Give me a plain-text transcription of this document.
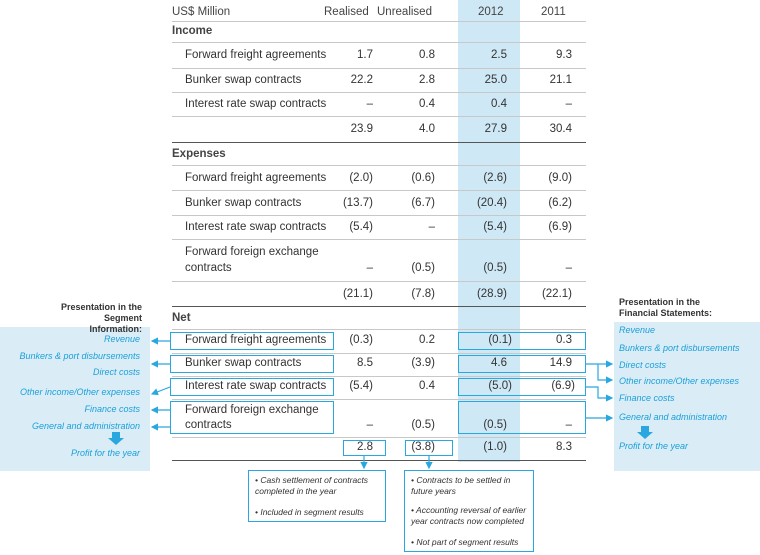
Presentation in the
Segment Information:
Revenue
Bunkers & port disbursements
Direct costs
Other income/Other expenses
Finance costs
General and administration
Profit for the year
Presentation in the
Financial Statements:
Revenue
Bunkers & port disbursements
Direct costs
Other income/Other expenses
Finance costs
General and administration
Profit for the year
US$ Million	Realised Unrealised	2012	2011
Income
Forward freight agreements	1.7	0.8	2.5	9.3
Bunker swap contracts	22.2	2.8	25.0	21.1
Interest rate swap contracts	–	0.4	0.4	–
23.9	4.0	27.9	30.4
Expenses
Forward freight agreements	(2.0)	(0.6)	(2.6)	(9.0)
Bunker swap contracts	(13.7)	(6.7)	(20.4)	(6.2)
Interest rate swap contracts	(5.4)	–	(5.4)	(6.9)
Forward foreign exchange
contracts	–	(0.5)	(0.5)	–
(21.1)	(7.8)	(28.9)	(22.1)
Net
Forward freight agreements	(0.3)	0.2	(0.1)	0.3
Bunker swap contracts	8.5	(3.9)	4.6	14.9
Interest rate swap contracts	(5.4)	0.4	(5.0)	(6.9)
Forward foreign exchange
contracts	–	(0.5)	(0.5)	–
2.8	(3.8)	(1.0)	8.3

• Cash settlement of contracts

completed in the year

• Included in segment results

• Contracts to be settled in

future years

• Accounting reversal of earlier

year contracts now completed

• Not part of segment results
